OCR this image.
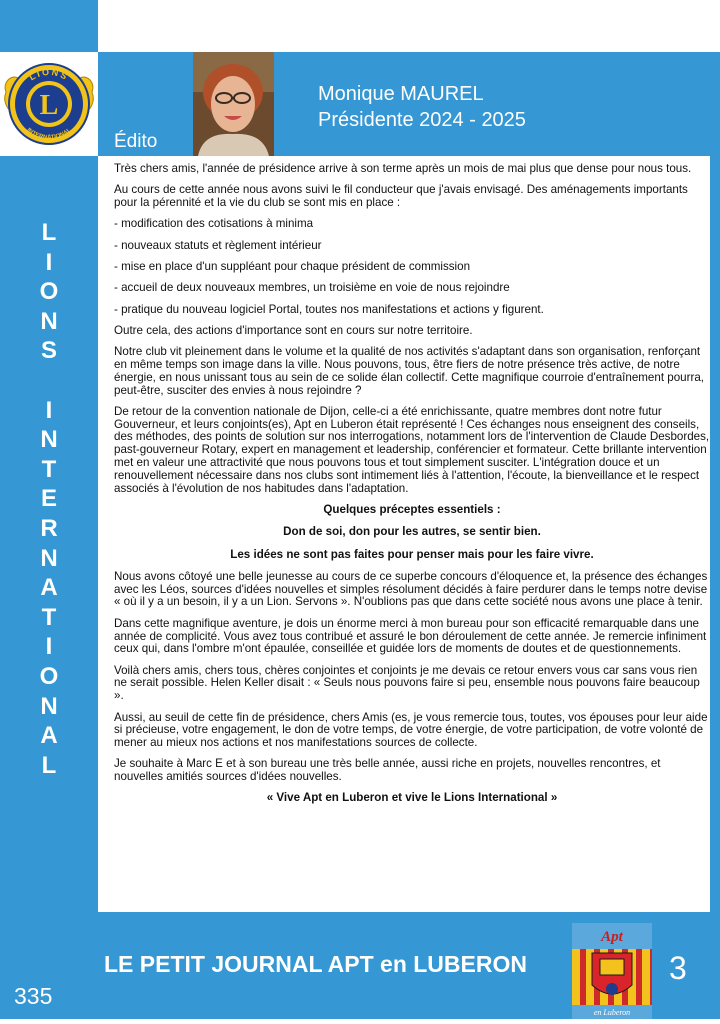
L
LIONS
INTERNATIONAL
Édito
Monique MAUREL
Présidente 2024 - 2025
L
I
O
N
S

I
N
T
E
R
N
A
T
I
O
N
A
L

Très chers amis, l'année de présidence arrive à son terme après un mois de mai plus que dense pour nous tous.

Au cours de cette année nous avons suivi le fil conducteur que j'avais envisagé. Des aménagements importants pour la pérennité et la vie du club se sont mis en place :

- modification des cotisations à minima

- nouveaux statuts et règlement intérieur

- mise en place d'un suppléant pour chaque président de commission

- accueil de deux nouveaux membres, un troisième en voie de nous rejoindre

- pratique du nouveau logiciel Portal, toutes nos manifestations et actions y figurent.

Outre cela, des actions d'importance sont en cours sur notre territoire.

Notre club vit pleinement dans le volume et la qualité de nos activités s'adaptant dans son organisation, renforçant en même temps son image dans la ville. Nous pouvons, tous, être fiers de notre présence très active, de notre énergie, en nous unissant tous au sein de ce solide élan collectif. Cette magnifique courroie d'entraînement pourra, peut-être, susciter des envies à nous rejoindre ?

De retour de la convention nationale de Dijon, celle-ci a été enrichissante, quatre membres dont notre futur Gouverneur, et leurs conjoints(es), Apt en Luberon était représenté ! Ces échanges nous enseignent des conseils, des méthodes, des points de solution sur nos interrogations, notamment lors de l'intervention de Claude Desbordes, past-gouverneur Rotary, expert en management et leadership, conférencier et formateur. Cette brillante intervention met en valeur une attractivité que nous pouvons tous et tout simplement susciter. L'intégration douce et un renouvellement nécessaire dans nos clubs sont intimement liés à l'attention, l'écoute, la bienveillance et le respect associés à l'évolution de nos habitudes dans l'adaptation.

Quelques préceptes essentiels :

Don de soi, don pour les autres, se sentir bien.

Les idées ne sont pas faites pour penser mais pour les faire vivre.

Nous avons côtoyé une belle jeunesse au cours de ce superbe concours d'éloquence et, la présence des échanges avec les Léos, sources d'idées nouvelles et simples résolument décidés à faire perdurer dans le temps notre devise « où il y a un besoin, il y a un Lion. Servons ». N'oublions pas que dans cette société nous avons une place à tenir.

Dans cette magnifique aventure, je dois un énorme merci à mon bureau pour son efficacité remarquable dans une année de complicité. Vous avez tous contribué et assuré le bon déroulement de cette année. Je remercie infiniment ceux qui, dans l'ombre m'ont épaulée, conseillée et guidée lors de moments de doutes et de questionnements.

Voilà chers amis, chers tous, chères conjointes et conjoints je me devais ce retour envers vous car sans vous rien ne serait possible. Helen Keller disait : « Seuls nous pouvons faire si peu, ensemble nous pouvons faire beaucoup ».

Aussi, au seuil de cette fin de présidence, chers Amis (es, je vous remercie tous, toutes, vos épouses pour leur aide si précieuse, votre engagement, le don de votre temps, de votre énergie, de votre participation, de votre volonté de mener au mieux nos actions et nos manifestations sources de collecte.

Je souhaite à Marc E et à son bureau une très belle année, aussi riche en projets, nouvelles rencontres, et nouvelles amitiés sources d'idées nouvelles.

« Vive Apt en Luberon et vive le Lions International »

LE PETIT JOURNAL APT en LUBERON
Apt
en Luberon
3
335
